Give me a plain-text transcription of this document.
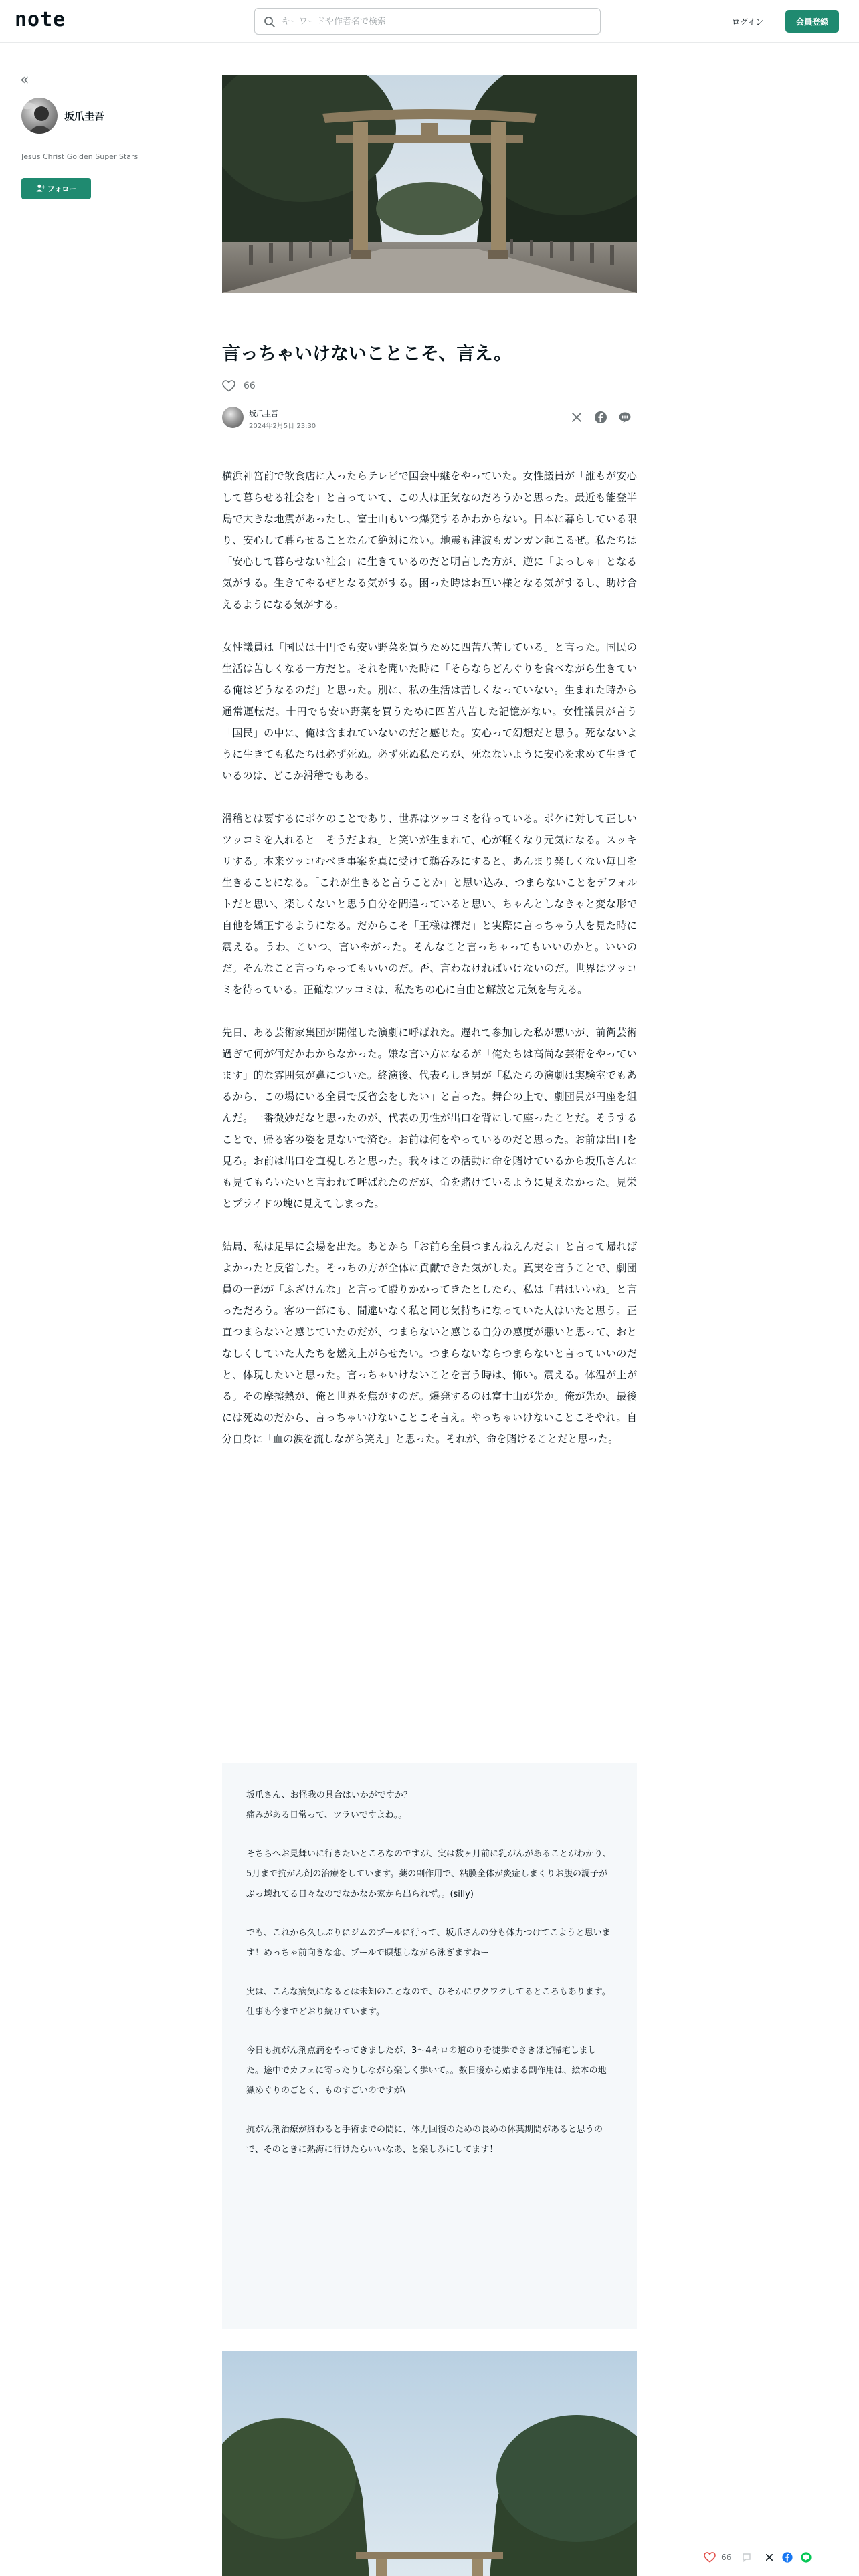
note
キーワードや作者名で検索	ログイン	会員登録
«
坂爪圭吾
Jesus Christ Golden Super Stars
フォロー
言っちゃいけないことこそ、言え。
66
坂爪圭吾
2024年2月5日 23:30

横浜神宮前で飲食店に入ったらテレビで国会中継をやっていた。女性議員が「誰もが安心して暮らせる社会を」と言っていて、この人は正気なのだろうかと思った。最近も能登半島で大きな地震があったし、富士山もいつ爆発するかわからない。日本に暮らしている限り、安心して暮らせることなんて絶対にない。地震も津波もガンガン起こるぜ。私たちは「安心して暮らせない社会」に生きているのだと明言した方が、逆に「よっしゃ」となる気がする。生きてやるぜとなる気がする。困った時はお互い様となる気がするし、助け合えるようになる気がする。

女性議員は「国民は十円でも安い野菜を買うために四苦八苦している」と言った。国民の生活は苦しくなる一方だと。それを聞いた時に「そらならどんぐりを食べながら生きている俺はどうなるのだ」と思った。別に、私の生活は苦しくなっていない。生まれた時から通常運転だ。十円でも安い野菜を買うために四苦八苦した記憶がない。女性議員が言う「国民」の中に、俺は含まれていないのだと感じた。安心って幻想だと思う。死なないように生きても私たちは必ず死ぬ。必ず死ぬ私たちが、死なないように安心を求めて生きているのは、どこか滑稽でもある。

滑稽とは要するにボケのことであり、世界はツッコミを待っている。ボケに対して正しいツッコミを入れると「そうだよね」と笑いが生まれて、心が軽くなり元気になる。スッキリする。本来ツッコむべき事案を真に受けて鵜呑みにすると、あんまり楽しくない毎日を生きることになる。「これが生きると言うことか」と思い込み、つまらないことをデフォルトだと思い、楽しくないと思う自分を間違っていると思い、ちゃんとしなきゃと変な形で自他を矯正するようになる。だからこそ「王様は裸だ」と実際に言っちゃう人を見た時に震える。うわ、こいつ、言いやがった。そんなこと言っちゃってもいいのかと。いいのだ。そんなこと言っちゃってもいいのだ。否、言わなければいけないのだ。世界はツッコミを待っている。正確なツッコミは、私たちの心に自由と解放と元気を与える。

先日、ある芸術家集団が開催した演劇に呼ばれた。遅れて参加した私が悪いが、前衛芸術過ぎて何が何だかわからなかった。嫌な言い方になるが「俺たちは高尚な芸術をやっています」的な雰囲気が鼻についた。終演後、代表らしき男が「私たちの演劇は実験室でもあるから、この場にいる全員で反省会をしたい」と言った。舞台の上で、劇団員が円座を組んだ。一番微妙だなと思ったのが、代表の男性が出口を背にして座ったことだ。そうすることで、帰る客の姿を見ないで済む。お前は何をやっているのだと思った。お前は出口を見ろ。お前は出口を直視しろと思った。我々はこの活動に命を賭けているから坂爪さんにも見てもらいたいと言われて呼ばれたのだが、命を賭けているように見えなかった。見栄とプライドの塊に見えてしまった。

結局、私は足早に会場を出た。あとから「お前ら全員つまんねえんだよ」と言って帰ればよかったと反省した。そっちの方が全体に貢献できた気がした。真実を言うことで、劇団員の一部が「ふざけんな」と言って殴りかかってきたとしたら、私は「君はいいね」と言っただろう。客の一部にも、間違いなく私と同じ気持ちになっていた人はいたと思う。正直つまらないと感じていたのだが、つまらないと感じる自分の感度が悪いと思って、おとなしくしていた人たちを燃え上がらせたい。つまらないならつまらないと言っていいのだと、体現したいと思った。言っちゃいけないことを言う時は、怖い。震える。体温が上がる。その摩擦熱が、俺と世界を焦がすのだ。爆発するのは富士山が先か。俺が先か。最後には死ぬのだから、言っちゃいけないことこそ言え。やっちゃいけないことこそやれ。自分自身に「血の涙を流しながら笑え」と思った。それが、命を賭けることだと思った。

坂爪さん、お怪我の具合はいかがですか？
痛みがある日常って、ツラいですよね。。

そちらへお見舞いに行きたいところなのですが、実は数ヶ月前に乳がんがあることがわかり、5月まで抗がん剤の治療をしています。薬の副作用で、粘膜全体が炎症しまくりお腹の調子がぶっ壊れてる日々なのでなかなか家から出られず。。(silly)

でも、これから久しぶりにジムのプールに行って、坂爪さんの分も体力つけてこようと思います！めっちゃ前向きな恋、プールで瞑想しながら泳ぎますねー

実は、こんな病気になるとは未知のことなので、ひそかにワクワクしてるところもあります。仕事も今までどおり続けています。

今日も抗がん剤点滴をやってきましたが、3〜4キロの道のりを徒歩でさきほど帰宅しました。途中でカフェに寄ったりしながら楽しく歩いて。。数日後から始まる副作用は、絵本の地獄めぐりのごとく、ものすごいのですが\

抗がん剤治療が終わると手術までの間に、体力回復のための長めの休薬期間があると思うので、そのときに熱海に行けたらいいなあ、と楽しみにしてます！

66
